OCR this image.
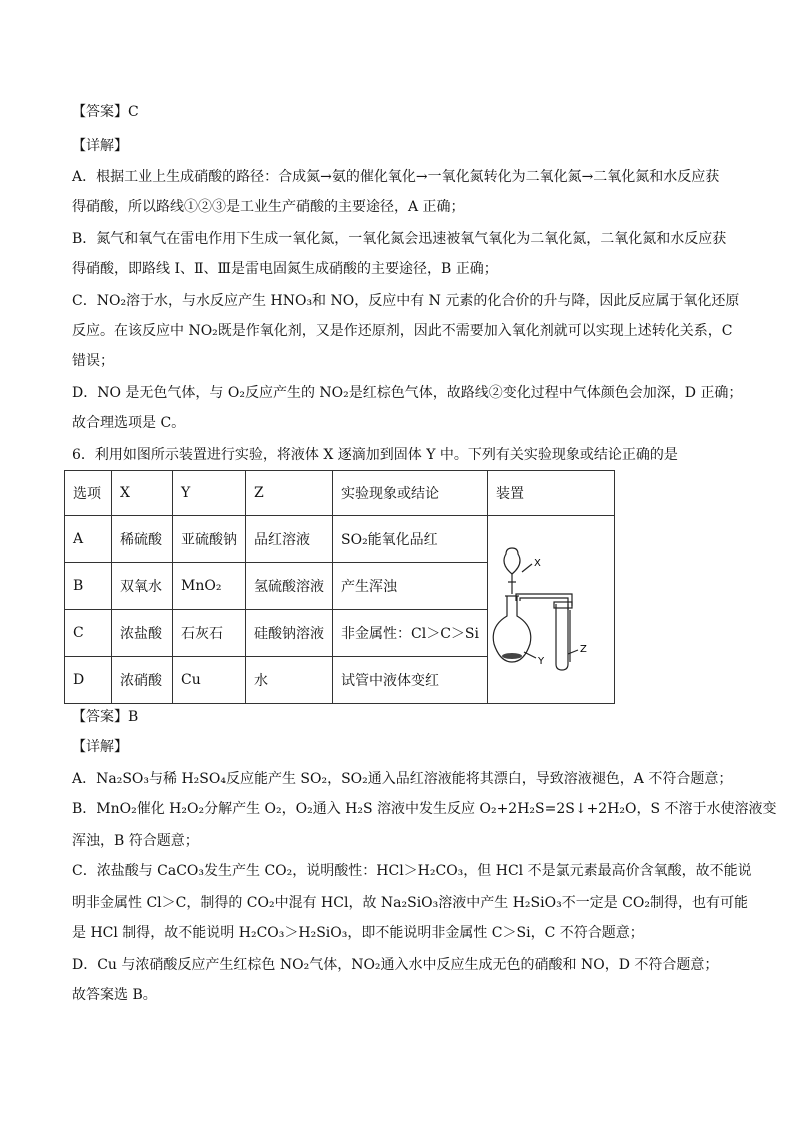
【答案】C
【详解】
A．根据工业上生成硝酸的路径：合成氮→氨的催化氧化→一氧化氮转化为二氧化氮→二氧化氮和水反应获
得硝酸，所以路线①②③是工业生产硝酸的主要途径，A 正确；
B．氮气和氧气在雷电作用下生成一氧化氮，一氧化氮会迅速被氧气氧化为二氧化氮，二氧化氮和水反应获
得硝酸，即路线 Ⅰ、Ⅱ、Ⅲ是雷电固氮生成硝酸的主要途径，B 正确；
C．NO₂溶于水，与水反应产生 HNO₃和 NO，反应中有 N 元素的化合价的升与降，因此反应属于氧化还原
反应。在该反应中 NO₂既是作氧化剂，又是作还原剂，因此不需要加入氧化剂就可以实现上述转化关系，C
错误；
D．NO 是无色气体，与 O₂反应产生的 NO₂是红棕色气体，故路线②变化过程中气体颜色会加深，D 正确；
故合理选项是 C。
6．利用如图所示装置进行实验，将液体 X 逐滴加到固体 Y 中。下列有关实验现象或结论正确的是
选项	X	Y	Z	实验现象或结论	装置
A	稀硫酸	亚硫酸钠	品红溶液	SO₂能氧化品红	
B	双氧水	MnO₂	氢硫酸溶液	产生浑浊	
C	浓盐酸	石灰石	硅酸钠溶液	非金属性：Cl＞C＞Si	
D	浓硝酸	Cu	水	试管中液体变红	
X
Y
Z
【答案】B
【详解】
A．Na₂SO₃与稀 H₂SO₄反应能产生 SO₂，SO₂通入品红溶液能将其漂白，导致溶液褪色，A 不符合题意；
B．MnO₂催化 H₂O₂分解产生 O₂，O₂通入 H₂S 溶液中发生反应 O₂+2H₂S=2S↓+2H₂O，S 不溶于水使溶液变
浑浊，B 符合题意；
C．浓盐酸与 CaCO₃发生产生 CO₂，说明酸性：HCl＞H₂CO₃，但 HCl 不是氯元素最高价含氧酸，故不能说
明非金属性 Cl＞C，制得的 CO₂中混有 HCl，故 Na₂SiO₃溶液中产生 H₂SiO₃不一定是 CO₂制得，也有可能
是 HCl 制得，故不能说明 H₂CO₃＞H₂SiO₃，即不能说明非金属性 C＞Si，C 不符合题意；
D．Cu 与浓硝酸反应产生红棕色 NO₂气体，NO₂通入水中反应生成无色的硝酸和 NO，D 不符合题意；
故答案选 B。
